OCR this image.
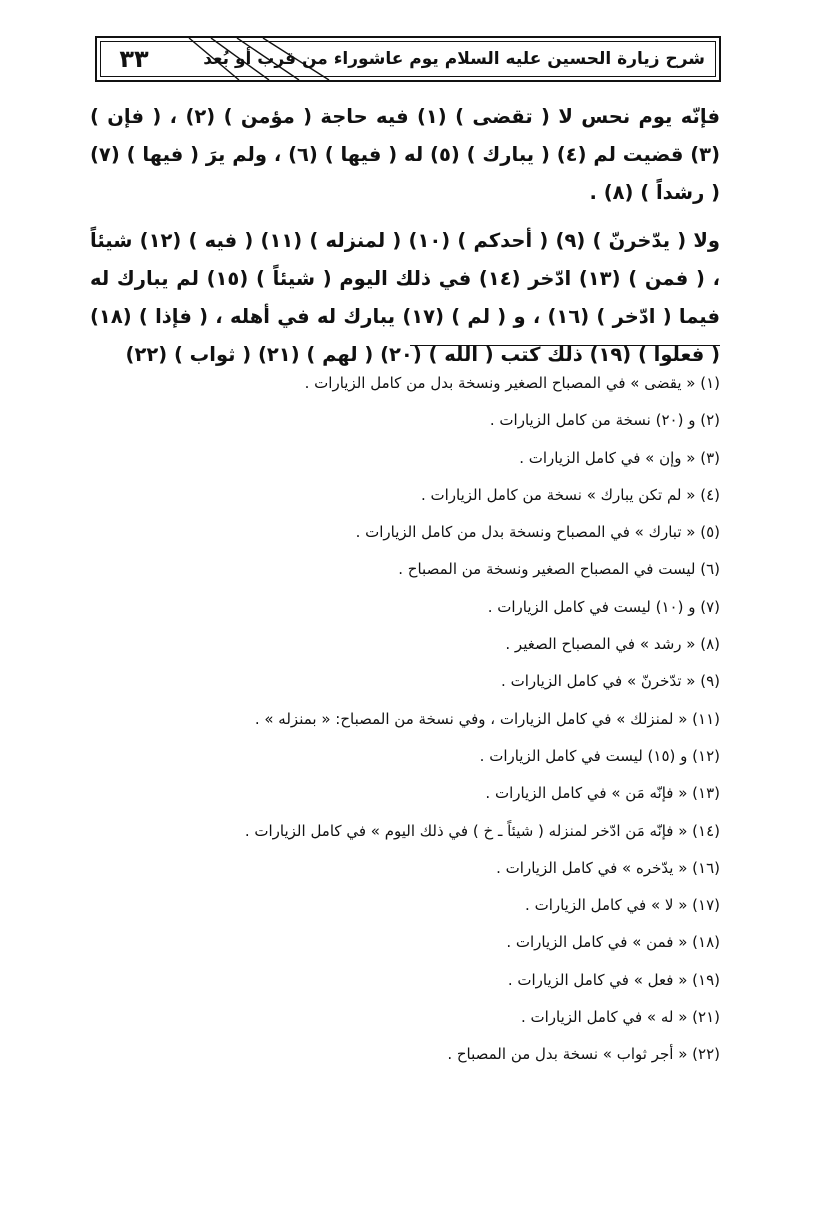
٣٣	شرح زيارة الحسين عليه السلام يوم عاشوراء من قرب أو بُعد

فإنّه يوم نحس لا ( تقضى ) (١) فيه حاجة ( مؤمن ) (٢) ، ( فإن ) (٣) قضيت لم (٤) ( يبارك ) (٥) له ( فيها ) (٦) ، ولم يرَ ( فيها ) (٧) ( رشداً ) (٨) .

ولا ( يدّخرنّ ) (٩) ( أحدكم ) (١٠) ( لمنزله ) (١١) ( فيه ) (١٢) شيئاً ، ( فمن ) (١٣) ادّخر (١٤) في ذلك اليوم ( شيئاً ) (١٥) لم يبارك له فيما ( ادّخر ) (١٦) ، و ( لم ) (١٧) يبارك له في أهله ، ( فإذا ) (١٨) ( فعلوا ) (١٩) ذلك كتب ( الله ) (٢٠) ( لهم ) (٢١) ( ثواب ) (٢٢)

(١) « يقضى » في المصباح الصغير ونسخة بدل من كامل الزيارات .
(٢) و (٢٠) نسخة من كامل الزيارات .
(٣) « وإن » في كامل الزيارات .
(٤) « لم تكن يبارك » نسخة من كامل الزيارات .
(٥) « تبارك » في المصباح ونسخة بدل من كامل الزيارات .
(٦) ليست في المصباح الصغير ونسخة من المصباح .
(٧) و (١٠) ليست في كامل الزيارات .
(٨) « رشد » في المصباح الصغير .
(٩) « تدّخرنّ » في كامل الزيارات .
(١١) « لمنزلك » في كامل الزيارات ، وفي نسخة من المصباح: « بمنزله » .
(١٢) و (١٥) ليست في كامل الزيارات .
(١٣) « فإنّه مَن » في كامل الزيارات .
(١٤) « فإنّه مَن ادّخر لمنزله ( شيئاً ـ خ ) في ذلك اليوم » في كامل الزيارات .
(١٦) « يدّخره » في كامل الزيارات .
(١٧) « لا » في كامل الزيارات .
(١٨) « فمن » في كامل الزيارات .
(١٩) « فعل » في كامل الزيارات .
(٢١) « له » في كامل الزيارات .
(٢٢) « أجر ثواب » نسخة بدل من المصباح .
